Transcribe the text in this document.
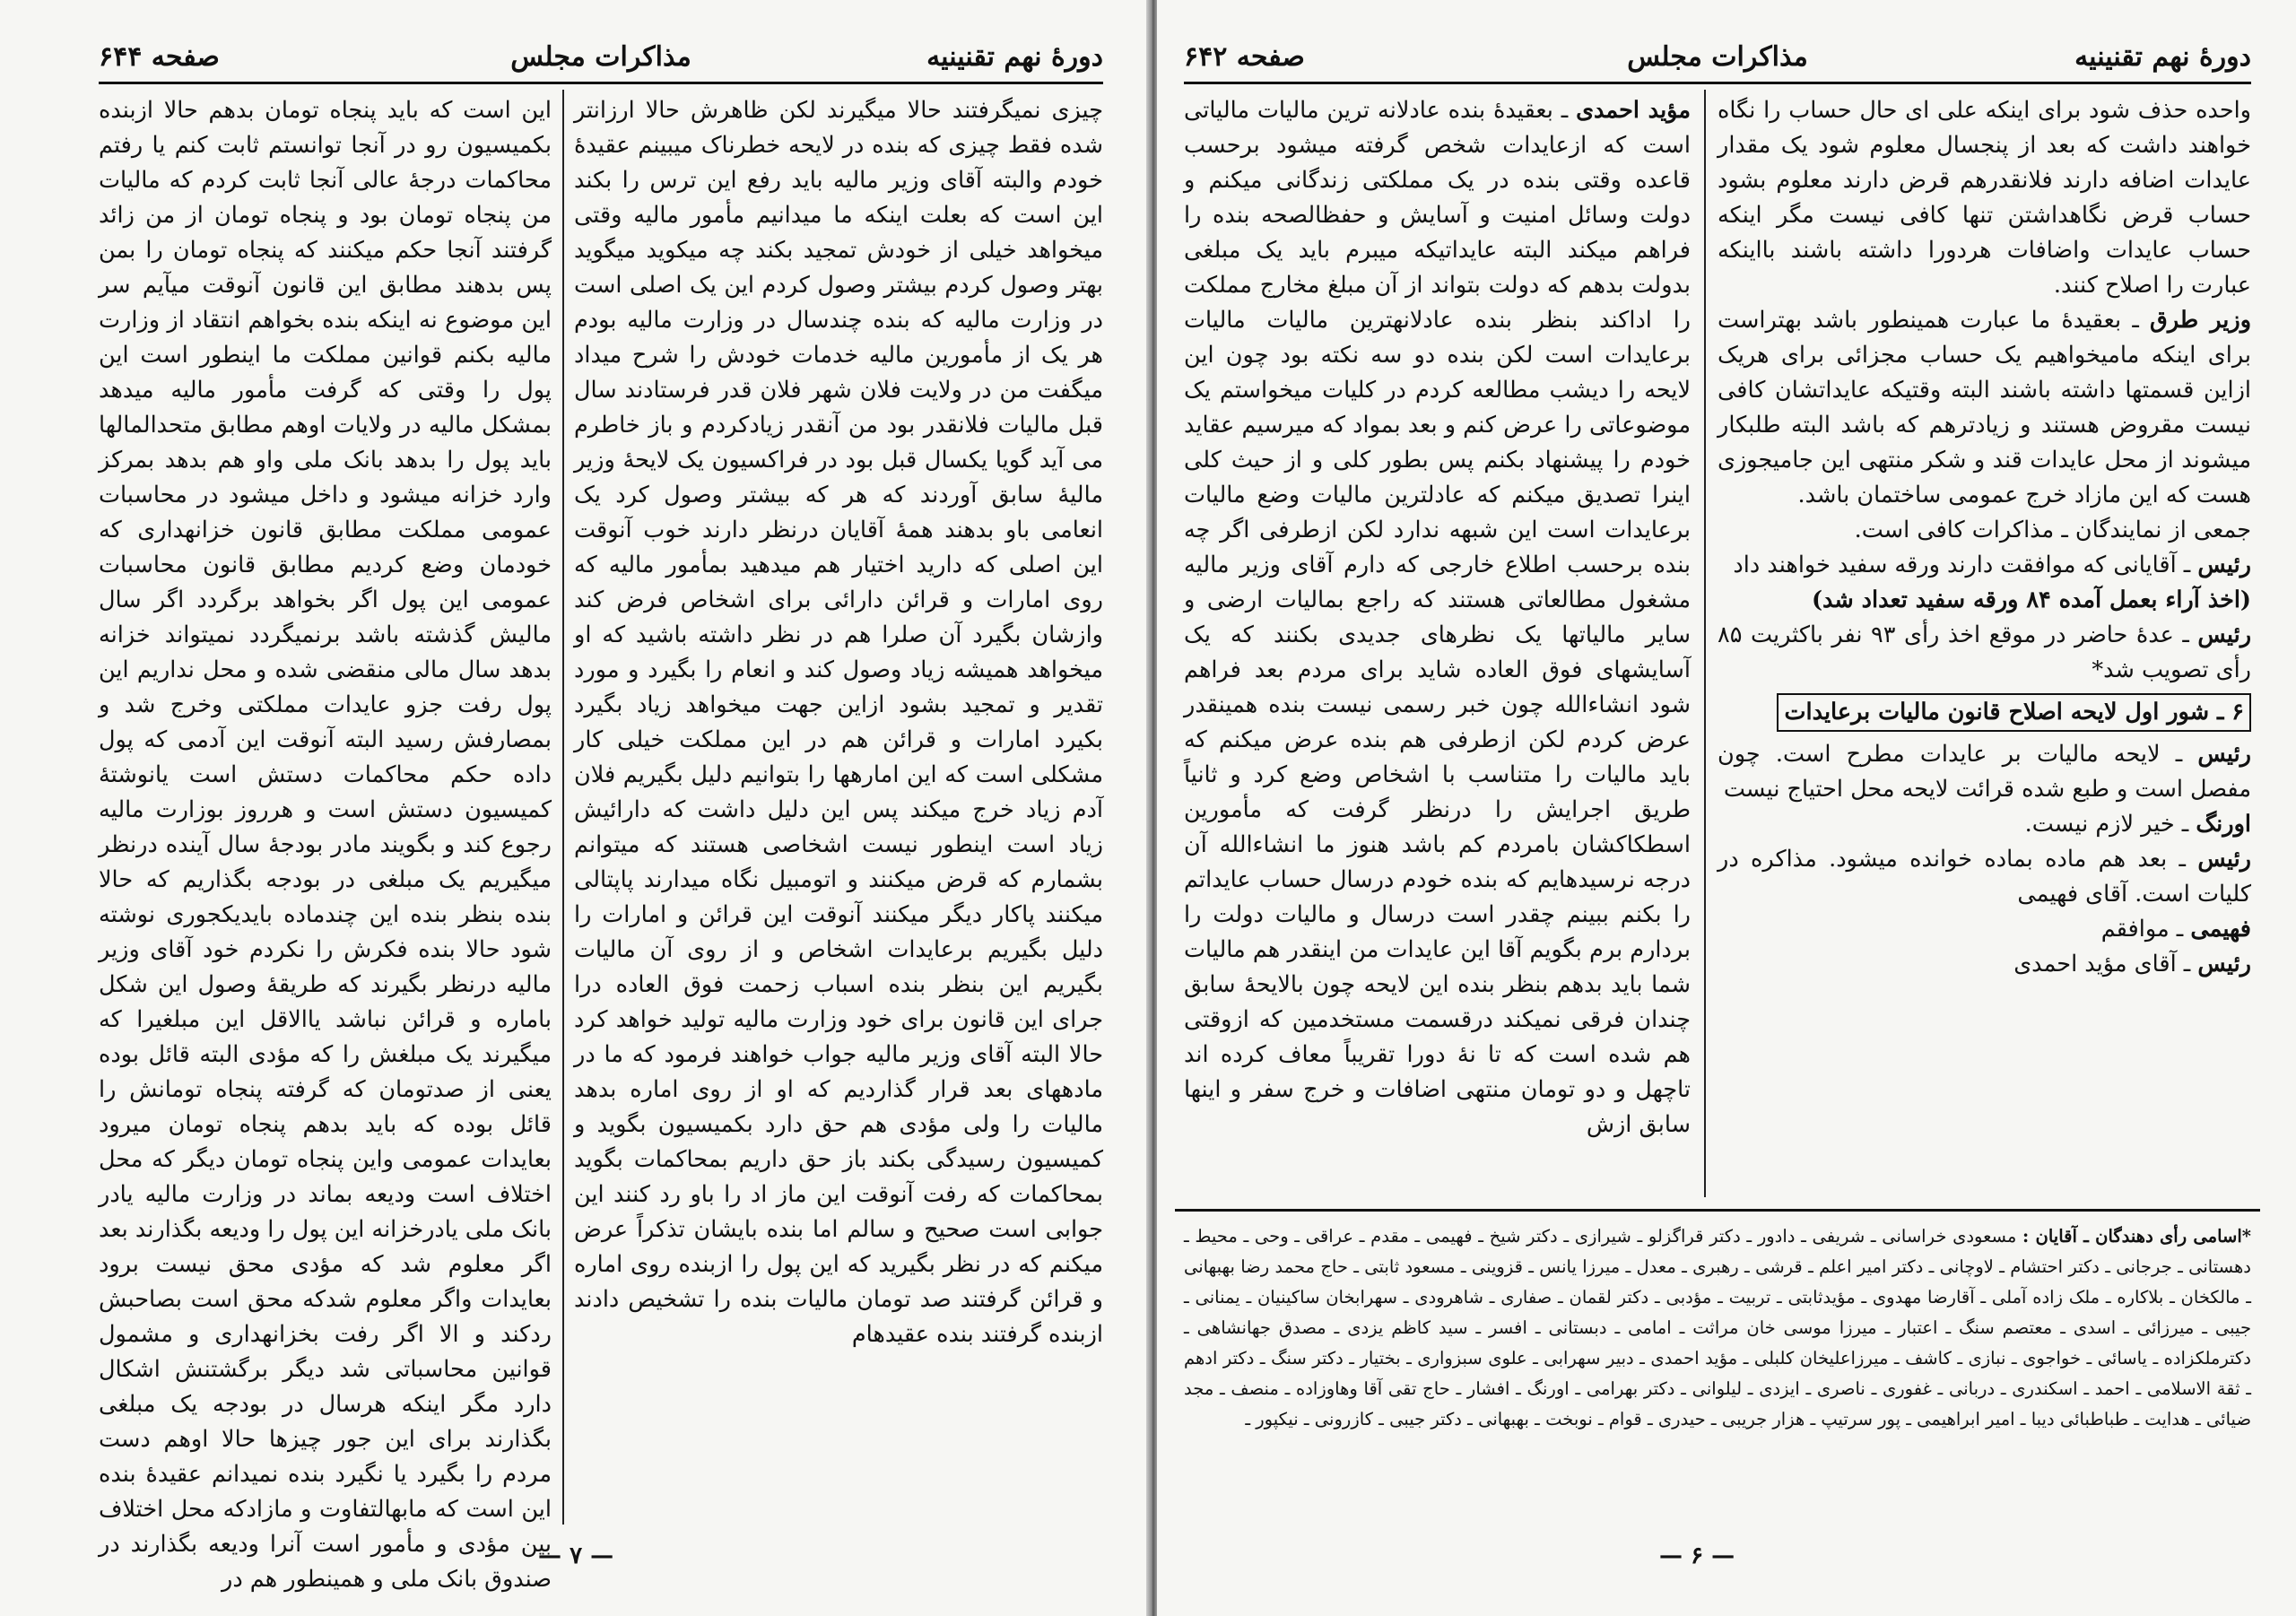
دورهٔ نهم تقنینیه
مذاکرات مجلس
صفحه ۶۴۴

چیزی نمیگرفتند حالا میگیرند لکن ظاهرش حالا ارزانتر شده فقط چیزی که بنده در لایحه خطرناک میبینم عقیدهٔ خودم والبته آقای وزیر مالیه باید رفع این ترس را بکند این است که بعلت اینکه ما میدانیم مأمور مالیه وقتی میخواهد خیلی از خودش تمجید بکند چه میکوید میگوید بهتر وصول کردم بیشتر وصول کردم این یک اصلی است در وزارت مالیه که بنده چندسال در وزارت مالیه بودم هر یک از مأمورین مالیه خدمات خودش را شرح میداد میگفت من در ولایت فلان شهر فلان قدر فرستادند سال قبل مالیات فلانقدر بود من آنقدر زیادکردم و باز خاطرم می آید گویا یکسال قبل بود در فراکسیون یک لایحهٔ وزیر مالیهٔ سابق آوردند که هر که بیشتر وصول کرد یک انعامی باو بدهند همهٔ آقایان درنظر دارند خوب آنوقت این اصلی که دارید اختیار هم میدهید بمأمور مالیه که روی امارات و قرائن دارائی برای اشخاص فرض کند وازشان بگیرد آن صلرا هم در نظر داشته باشید که او میخواهد همیشه زیاد وصول کند و انعام را بگیرد و مورد تقدیر و تمجید بشود ازاین جهت میخواهد زیاد بگیرد بکیرد امارات و قرائن هم در این مملکت خیلی کار مشکلی است که این امارهها را بتوانیم دلیل بگیریم فلان آدم زیاد خرج میکند پس این دلیل داشت که دارائیش زیاد است اینطور نیست اشخاصی هستند که میتوانم بشمارم که قرض میکنند و اتومبیل نگاه میدارند پاپتالی میکنند پاکار دیگر میکنند آنوقت این قرائن و امارات را دلیل بگیریم برعایدات اشخاص و از روی آن مالیات بگیریم این بنظر بنده اسباب زحمت فوق العاده درا جرای این قانون برای خود وزارت مالیه تولید خواهد کرد حالا البته آقای وزیر مالیه جواب خواهند فرمود که ما در مادههای بعد قرار گذاردیم که او از روی اماره بدهد مالیات را ولی مؤدی هم حق دارد بکمیسیون بگوید و کمیسیون رسیدگی بکند باز حق داریم بمحاکمات بگوید بمحاکمات که رفت آنوقت این ماز اد را باو رد کنند این جوابی است صحیح و سالم اما بنده بایشان تذکراً عرض میکنم که در نظر بگیرید که این پول را ازبنده روی اماره و قرائن گرفتند صد تومان مالیات بنده را تشخیص دادند ازبنده گرفتند بنده عقیدهام

این است که باید پنجاه تومان بدهم حالا ازبنده بکمیسیون رو در آنجا توانستم ثابت کنم یا رفتم محاکمات درجهٔ عالی آنجا ثابت کردم که مالیات من پنجاه تومان بود و پنجاه تومان از من زائد گرفتند آنجا حکم میکنند که پنجاه تومان را بمن پس بدهند مطابق این قانون آنوقت میآیم سر این موضوع نه اینکه بنده بخواهم انتقاد از وزارت مالیه بکنم قوانین مملکت ما اینطور است این پول را وقتی که گرفت مأمور مالیه میدهد بمشکل مالیه در ولایات اوهم مطابق متحدالمالها باید پول را بدهد بانک ملی واو هم بدهد بمرکز وارد خزانه میشود و داخل میشود در محاسبات عمومی مملکت مطابق قانون خزانهداری که خودمان وضع کردیم مطابق قانون محاسبات عمومی این پول اگر بخواهد برگردد اگر سال مالیش گذشته باشد برنمیگردد نمیتواند خزانه بدهد سال مالی منقضی شده و محل نداریم این پول رفت جزو عایدات مملکتی وخرج شد و بمصارفش رسید البته آنوقت این آدمی که پول داده حکم محاکمات دستش است یانوشتهٔ کمیسیون دستش است و هرروز بوزارت مالیه رجوع کند و بگویند مادر بودجهٔ سال آینده درنظر میگیریم یک مبلغی در بودجه بگذاریم که حالا بنده بنظر بنده این چندماده بایدیکجوری نوشته شود حالا بنده فکرش را نکردم خود آقای وزیر مالیه درنظر بگیرند که طریقهٔ وصول این شکل باماره و قرائن نباشد یاالاقل این مبلغیرا که میگیرند یک مبلغش را که مؤدی البته قائل بوده یعنی از صدتومان که گرفته پنجاه تومانش را قائل بوده که باید بدهم پنجاه تومان میرود بعایدات عمومی واین پنجاه تومان دیگر که محل اختلاف است ودیعه بماند در وزارت مالیه یادر بانک ملی یادرخزانه این پول را ودیعه بگذارند بعد اگر معلوم شد که مؤدی محق نیست برود بعایدات واگر معلوم شدکه محق است بصاحبش ردکند و الا اگر رفت بخزانهداری و مشمول قوانین محاسباتی شد دیگر برگشتنش اشکال دارد مگر اینکه هرسال در بودجه یک مبلغی بگذارند برای این جور چیزها حالا اوهم دست مردم را بگیرد یا نگیرد بنده نمیدانم عقیدهٔ بنده این است که مابهالتفاوت و مازادکه محل اختلاف بین مؤدی و مأمور است آنرا ودیعه بگذارند در صندوق بانک ملی و همینطور هم در

— ۷ —
دورهٔ نهم تقنینیه
مذاکرات مجلس
صفحه ۶۴۲

واحده حذف شود برای اینکه علی ای حال حساب را نگاه خواهند داشت که بعد از پنجسال معلوم شود یک مقدار عایدات اضافه دارند فلانقدرهم قرض دارند معلوم بشود حساب قرض نگاهداشتن تنها کافی نیست مگر اینکه حساب عایدات واضافات هردورا داشته باشند بااینکه عبارت را اصلاح کنند.

وزیر طرق ـ بعقیدهٔ ما عبارت همینطور باشد بهتراست برای اینکه مامیخواهیم یک حساب مجزائی برای هریک ازاین قسمتها داشته باشند البته وقتیکه عایداتشان کافی نیست مقروض هستند و زیادترهم که باشد البته طلبکار میشوند از محل عایدات قند و شکر منتهی این جامیجوزی هست که این مازاد خرج عمومی ساختمان باشد.

جمعی از نمایندگان ـ مذاکرات کافی است.

رئیس ـ آقایانی که موافقت دارند ورقه سفید خواهند داد

(اخذ آراء بعمل آمده ۸۴ ورقه سفید تعداد شد)

رئیس ـ عدهٔ حاضر در موقع اخذ رأی ۹۳ نفر باکثریت ۸۵ رأی تصویب شد*

۶ ـ شور اول لایحه اصلاح قانون مالیات برعایدات

رئیس ـ لایحه مالیات بر عایدات مطرح است. چون مفصل است و طبع شده قرائت لایحه محل احتیاج نیست

اورنگ ـ خیر لازم نیست.

رئیس ـ بعد هم ماده بماده خوانده میشود. مذاکره در کلیات است. آقای فهیمی

فهیمی ـ موافقم

رئیس ـ آقای مؤید احمدی

مؤید احمدی ـ بعقیدهٔ بنده عادلانه ترین مالیات مالیاتی است که ازعایدات شخص گرفته میشود برحسب قاعده وقتی بنده در یک مملکتی زندگانی میکنم و دولت وسائل امنیت و آسایش و حفظالصحه بنده را فراهم میکند البته عایداتیکه میبرم باید یک مبلغی بدولت بدهم که دولت بتواند از آن مبلغ مخارج مملکت را اداکند بنظر بنده عادلانهترین مالیات مالیات برعایدات است لکن بنده دو سه نکته بود چون این لایحه را دیشب مطالعه کردم در کلیات میخواستم یک موضوعاتی را عرض کنم و بعد بمواد که میرسیم عقاید خودم را پیشنهاد بکنم پس بطور کلی و از حیث کلی اینرا تصدیق میکنم که عادلترین مالیات وضع مالیات برعایدات است این شبهه ندارد لکن ازطرفی اگر چه بنده برحسب اطلاع خارجی که دارم آقای وزیر مالیه مشغول مطالعاتی هستند که راجع بمالیات ارضی و سایر مالیاتها یک نظرهای جدیدی بکنند که یک آسایشهای فوق العاده شاید برای مردم بعد فراهم شود انشاءالله چون خبر رسمی نیست بنده همینقدر عرض کردم لکن ازطرفی هم بنده عرض میکنم که باید مالیات را متناسب با اشخاص وضع کرد و ثانیاً طریق اجرایش را درنظر گرفت که مأمورین اسطکاکشان بامردم کم باشد هنوز ما انشاءالله آن درجه نرسیدهایم که بنده خودم درسال حساب عایداتم را بکنم ببینم چقدر است درسال و مالیات دولت را بردارم برم بگویم آقا این عایدات من اینقدر هم مالیات شما باید بدهم بنظر بنده این لایحه چون بالایحهٔ سابق چندان فرقی نمیکند درقسمت مستخدمین که ازوقتی هم شده است که تا نهٔ دورا تقریباً معاف کرده اند تاچهل و دو تومان منتهی اضافات و خرج سفر و اینها سابق ازش

*اسامی رأی دهندگان ـ آقایان : مسعودی خراسانی ـ شریفی ـ دادور ـ دکتر قراگزلو ـ شیرازی ـ دکتر شیخ ـ فهیمی ـ مقدم ـ عراقی ـ وحی ـ محیط ـ دهستانی ـ جرجانی ـ دکتر احتشام ـ لاوچانی ـ دکتر امیر اعلم ـ قرشی ـ رهبری ـ معدل ـ میرزا یانس ـ قزوینی ـ مسعود ثابتی ـ حاج محمد رضا بهبهانی ـ مالکخان ـ بلاکاره ـ ملک زاده آملی ـ آقارضا مهدوی ـ مؤیدثابتی ـ تربیت ـ مؤدبی ـ دکتر لقمان ـ صفاری ـ شاهرودی ـ سهرابخان ساکینیان ـ یمنانی ـ جیبی ـ میرزائی ـ اسدی ـ معتصم سنگ ـ اعتبار ـ میرزا موسی خان مراثت ـ امامی ـ دبستانی ـ افسر ـ سید کاظم یزدی ـ مصدق جهانشاهی ـ دکترملکزاده ـ یاسائی ـ خواجوی ـ نبازی ـ کاشف ـ میرزاعلیخان کلبلی ـ مؤید احمدی ـ دبیر سهرابی ـ علوی سبزواری ـ بختیار ـ دکتر سنگ ـ دکتر ادهم ـ ثقة الاسلامی ـ احمد ـ اسکندری ـ دربانی ـ غفوری ـ ناصری ـ ایزدی ـ لیلوانی ـ دکتر بهرامی ـ اورنگ ـ افشار ـ حاج تقی آقا وهاوزاده ـ منصف ـ مجد ضیائی ـ هدایت ـ طباطبائی دیبا ـ امیر ابراهیمی ـ پور سرتیپ ـ هزار جریبی ـ حیدری ـ قوام ـ نوبخت ـ بهبهانی ـ دکتر جیبی ـ کازرونی ـ نیکپور ـ
— ۶ —
